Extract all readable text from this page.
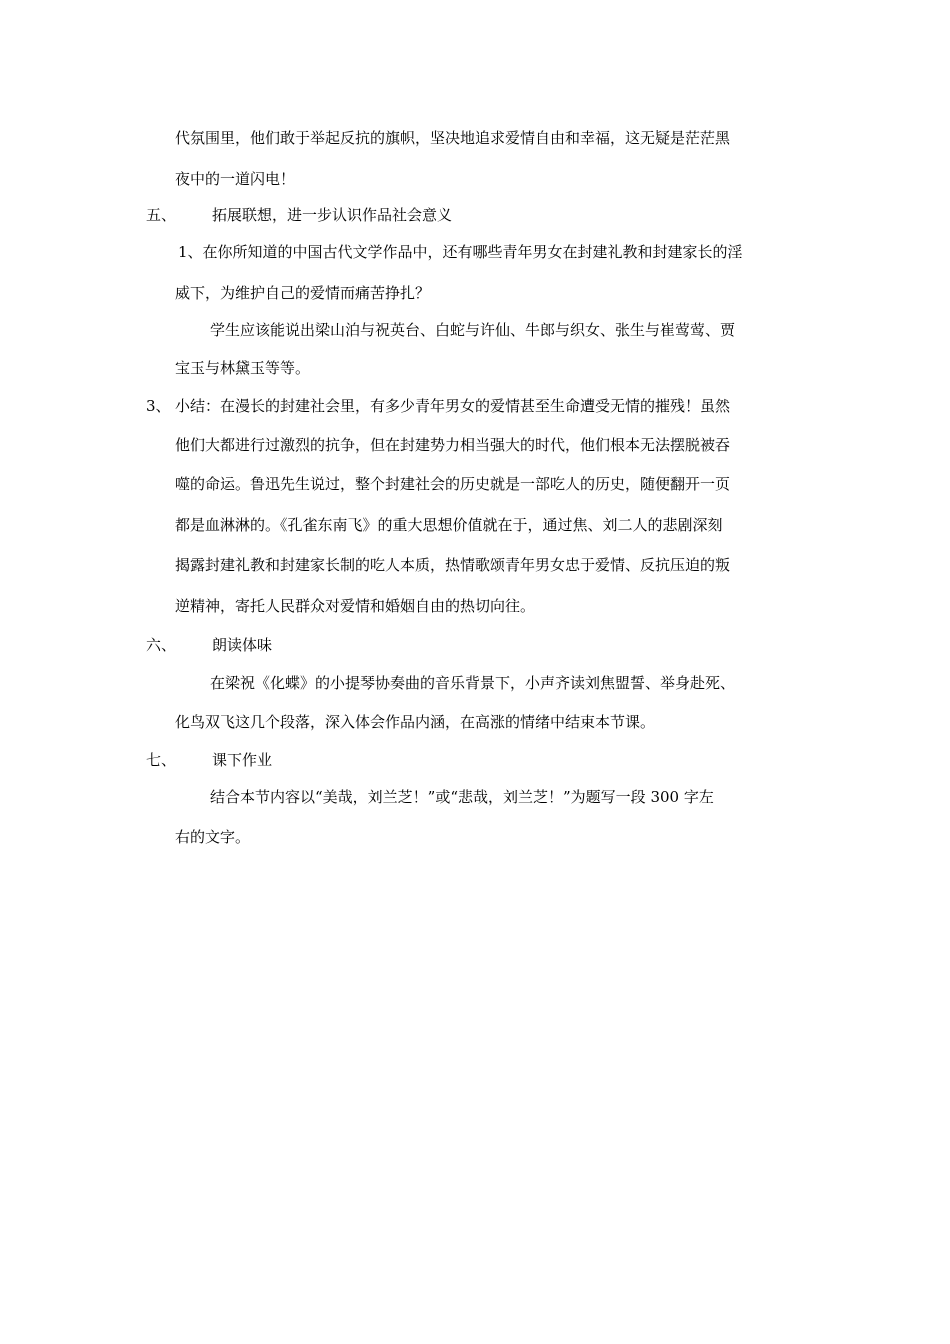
代氛围里，他们敢于举起反抗的旗帜，坚决地追求爱情自由和幸福，这无疑是茫茫黑
夜中的一道闪电！
五、 拓展联想，进一步认识作品社会意义
1、在你所知道的中国古代文学作品中，还有哪些青年男女在封建礼教和封建家长的淫
威下，为维护自己的爱情而痛苦挣扎？
学生应该能说出梁山泊与祝英台、白蛇与许仙、牛郎与织女、张生与崔莺莺、贾
宝玉与林黛玉等等。
3、 小结：在漫长的封建社会里，有多少青年男女的爱情甚至生命遭受无情的摧残！虽然
他们大都进行过激烈的抗争，但在封建势力相当强大的时代，他们根本无法摆脱被吞
噬的命运。鲁迅先生说过，整个封建社会的历史就是一部吃人的历史，随便翻开一页
都是血淋淋的。《孔雀东南飞》的重大思想价值就在于，通过焦、刘二人的悲剧深刻
揭露封建礼教和封建家长制的吃人本质，热情歌颂青年男女忠于爱情、反抗压迫的叛
逆精神，寄托人民群众对爱情和婚姻自由的热切向往。
六、 朗读体味
在梁祝《化蝶》的小提琴协奏曲的音乐背景下，小声齐读刘焦盟誓、举身赴死、
化鸟双飞这几个段落，深入体会作品内涵，在高涨的情绪中结束本节课。
七、 课下作业
结合本节内容以“美哉，刘兰芝！”或“悲哉，刘兰芝！”为题写一段 300 字左
右的文字。
